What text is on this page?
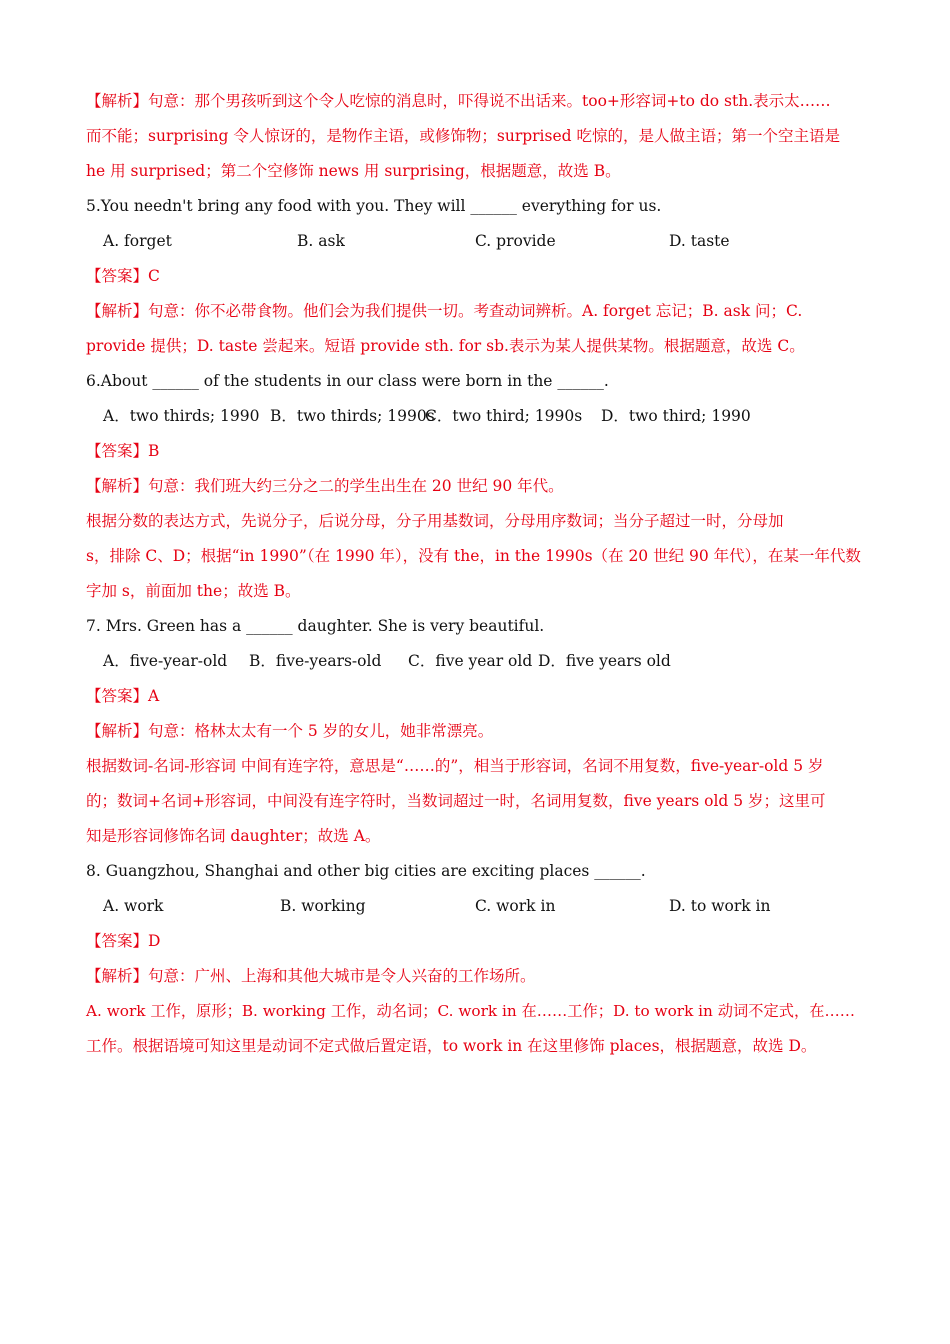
【解析】句意：那个男孩听到这个令人吃惊的消息时，吓得说不出话来。too+形容词+to do sth.表示太……
而不能；surprising 令人惊讶的，是物作主语，或修饰物；surprised 吃惊的，是人做主语；第一个空主语是
he 用 surprised；第二个空修饰 news 用 surprising，根据题意，故选 B。
5.You needn't bring any food with you. They will ______ everything for us.
A. forget	B. ask	C. provide	D. taste
【答案】C
【解析】句意：你不必带食物。他们会为我们提供一切。考查动词辨析。A. forget 忘记；B. ask 问；C.
provide 提供；D. taste 尝起来。短语 provide sth. for sb.表示为某人提供某物。根据题意，故选 C。
6.About ______ of the students in our class were born in the ______.
A．two thirds; 1990 B．two thirds; 1990s
C．two third; 1990s D．two third; 1990
【答案】B
【解析】句意：我们班大约三分之二的学生出生在 20 世纪 90 年代。
根据分数的表达方式，先说分子，后说分母，分子用基数词，分母用序数词；当分子超过一时，分母加
s，排除 C、D；根据“in 1990”（在 1990 年），没有 the，in the 1990s（在 20 世纪 90 年代），在某一年代数
字加 s，前面加 the；故选 B。
7. Mrs. Green has a ______ daughter. She is very beautiful.
A．five-year-old B．five-years-old C．five year old D．five years old
【答案】A
【解析】句意：格林太太有一个 5 岁的女儿，她非常漂亮。
根据数词-名词-形容词 中间有连字符，意思是“……的”，相当于形容词，名词不用复数，five-year-old 5 岁
的；数词+名词+形容词，中间没有连字符时，当数词超过一时，名词用复数，five years old 5 岁；这里可
知是形容词修饰名词 daughter；故选 A。
8. Guangzhou, Shanghai and other big cities are exciting places ______.
A. work	B. working	C. work in	D. to work in
【答案】D
【解析】句意：广州、上海和其他大城市是令人兴奋的工作场所。
A. work 工作，原形；B. working 工作，动名词；C. work in 在……工作；D. to work in 动词不定式，在……
工作。根据语境可知这里是动词不定式做后置定语，to work in 在这里修饰 places，根据题意，故选 D。
